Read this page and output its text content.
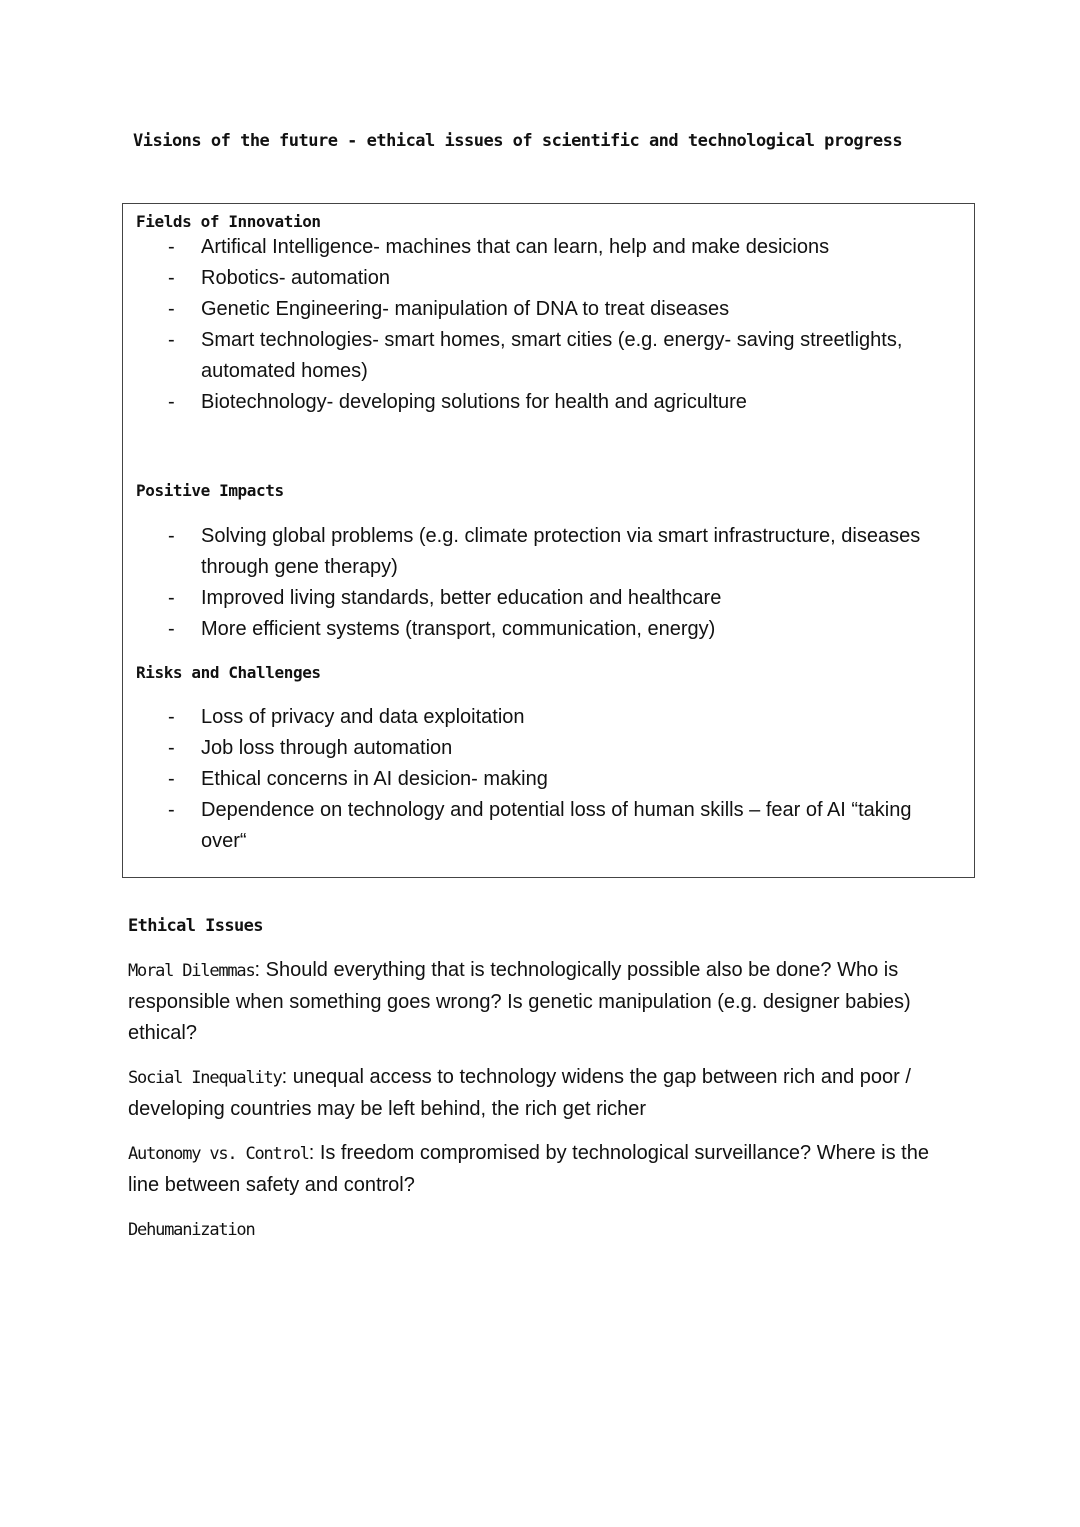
Visions of the future - ethical issues of scientific and technological progress
Fields of Innovation
- Artifical Intelligence- machines that can learn, help and make desicions
- Robotics- automation
- Genetic Engineering- manipulation of DNA to treat diseases
- Smart technologies- smart homes, smart cities (e.g. energy- saving streetlights, automated homes)
- Biotechnology- developing solutions for health and agriculture
Positive Impacts
- Solving global problems (e.g. climate protection via smart infrastructure, diseases through gene therapy)
- Improved living standards, better education and healthcare
- More efficient systems (transport, communication, energy)
Risks and Challenges
- Loss of privacy and data exploitation
- Job loss through automation
- Ethical concerns in AI desicion- making
- Dependence on technology and potential loss of human skills – fear of AI “taking over“
Ethical Issues

Moral Dilemmas: Should everything that is technologically possible also be done? Who is responsible when something goes wrong? Is genetic manipulation (e.g. designer babies) ethical?

Social Inequality: unequal access to technology widens the gap between rich and poor / developing countries may be left behind, the rich get richer

Autonomy vs. Control: Is freedom compromised by technological surveillance? Where is the line between safety and control?

Dehumanization
